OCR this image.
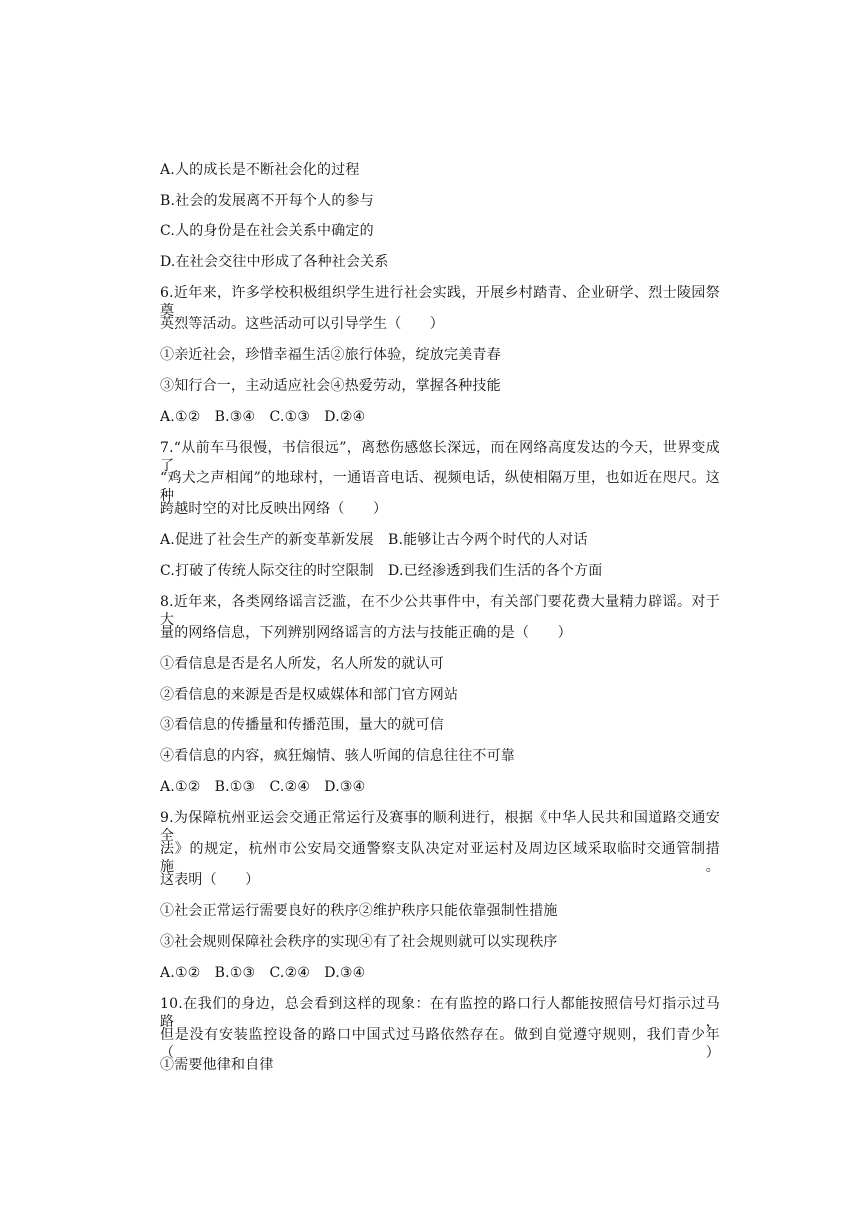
A.人的成长是不断社会化的过程
B.社会的发展离不开每个人的参与
C.人的身份是在社会关系中确定的
D.在社会交往中形成了各种社会关系
6.近年来，许多学校积极组织学生进行社会实践，开展乡村踏青、企业研学、烈士陵园祭奠
英烈等活动。这些活动可以引导学生（　　）
①亲近社会，珍惜幸福生活②旅行体验，绽放完美青春
③知行合一，主动适应社会④热爱劳动，掌握各种技能
A.①②　B.③④　C.①③　D.②④
7.“从前车马很慢，书信很远”，离愁伤感悠长深远，而在网络高度发达的今天，世界变成了
“鸡犬之声相闻”的地球村，一通语音电话、视频电话，纵使相隔万里，也如近在咫尺。这种
跨越时空的对比反映出网络（　　）
A.促进了社会生产的新变革新发展　B.能够让古今两个时代的人对话
C.打破了传统人际交往的时空限制　D.已经渗透到我们生活的各个方面
8.近年来，各类网络谣言泛滥，在不少公共事件中，有关部门要花费大量精力辟谣。对于大
量的网络信息，下列辨别网络谣言的方法与技能正确的是（　　）
①看信息是否是名人所发，名人所发的就认可
②看信息的来源是否是权威媒体和部门官方网站
③看信息的传播量和传播范围，量大的就可信
④看信息的内容，疯狂煽情、骇人听闻的信息往往不可靠
A.①②　B.①③　C.②④　D.③④
9.为保障杭州亚运会交通正常运行及赛事的顺利进行，根据《中华人民共和国道路交通安全
法》的规定，杭州市公安局交通警察支队决定对亚运村及周边区域采取临时交通管制措施。
这表明（　　）
①社会正常运行需要良好的秩序②维护秩序只能依靠强制性措施
③社会规则保障社会秩序的实现④有了社会规则就可以实现秩序
A.①②　B.①③　C.②④　D.③④
10.在我们的身边，总会看到这样的现象：在有监控的路口行人都能按照信号灯指示过马路，
但是没有安装监控设备的路口中国式过马路依然存在。做到自觉遵守规则，我们青少年（　　）
①需要他律和自律
